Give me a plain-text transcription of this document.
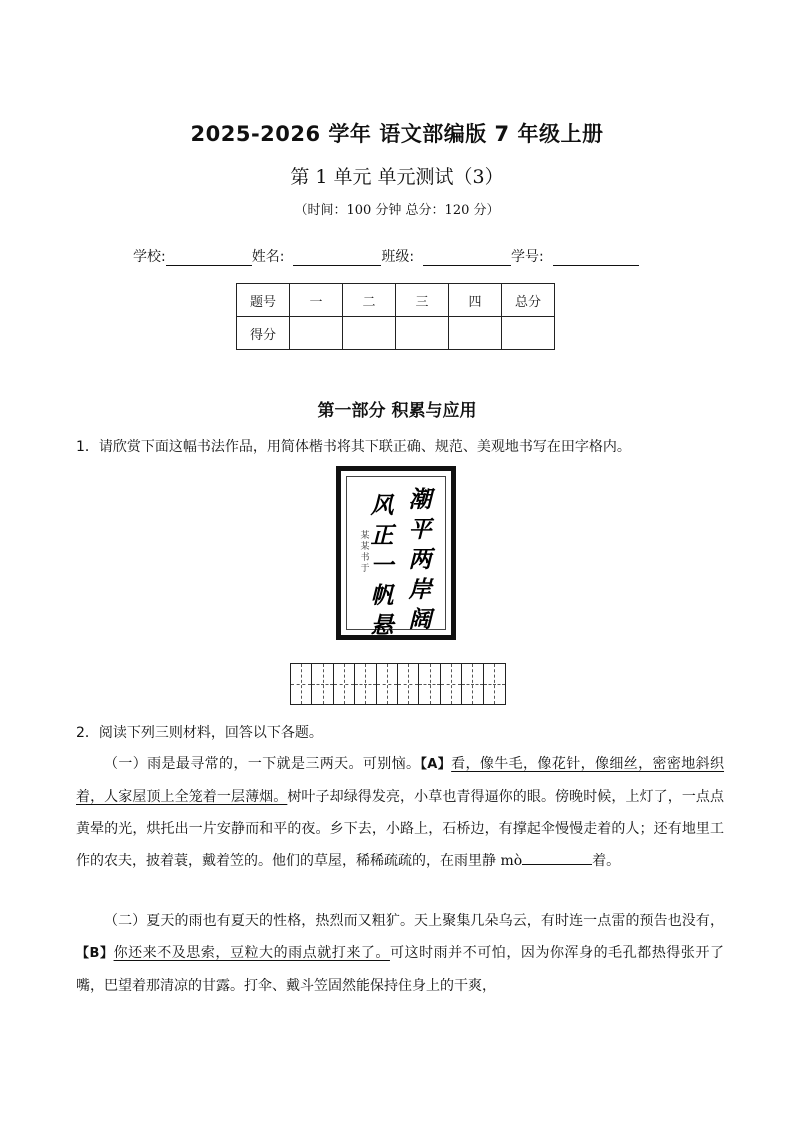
2025-2026 学年 语文部编版 7 年级上册
第 1 单元 单元测试（3）
（时间：100 分钟 总分：120 分）
学校:	姓名:	班级:	学号:
题号	一	二	三	四	总分
得分					
第一部分 积累与应用
1．请欣赏下面这幅书法作品，用简体楷书将其下联正确、规范、美观地书写在田字格内。
潮平两岸阔
风正一帆悬
某某书于
2．阅读下列三则材料，回答以下各题。

（一）雨是最寻常的，一下就是三两天。可别恼。【A】看，像牛毛，像花针，像细丝，密密地斜织着，人家屋顶上全笼着一层薄烟。树叶子却绿得发亮，小草也青得逼你的眼。傍晚时候，上灯了，一点点黄晕的光，烘托出一片安静而和平的夜。乡下去，小路上，石桥边，有撑起伞慢慢走着的人；还有地里工作的农夫，披着蓑，戴着笠的。他们的草屋，稀稀疏疏的，在雨里静 mò	着。

（二）夏天的雨也有夏天的性格，热烈而又粗犷。天上聚集几朵乌云，有时连一点雷的预告也没有，【B】你还来不及思索，豆粒大的雨点就打来了。可这时雨并不可怕，因为你浑身的毛孔都热得张开了嘴，巴望着那清凉的甘露。打伞、戴斗笠固然能保持住身上的干爽，
